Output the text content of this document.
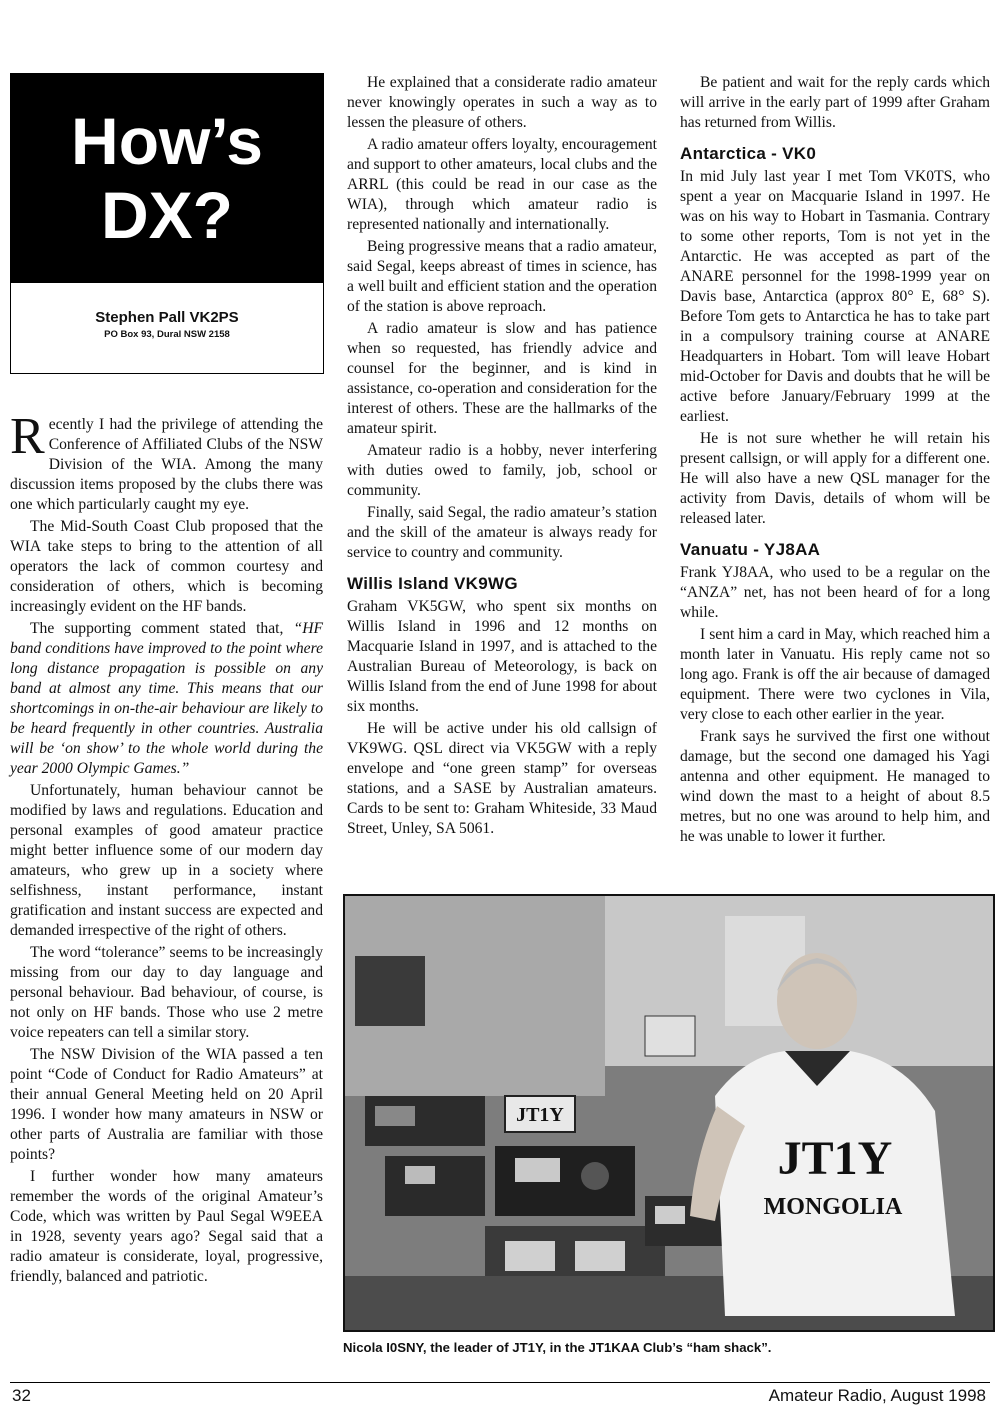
How’s
DX?
Stephen Pall VK2PS
PO Box 93, Dural NSW 2158

Recently I had the privilege of attending the Conference of Affiliated Clubs of the NSW Division of the WIA. Among the many discussion items proposed by the clubs there was one which particularly caught my eye.

The Mid-South Coast Club proposed that the WIA take steps to bring to the attention of all operators the lack of common courtesy and consideration of others, which is becoming increasingly evident on the HF bands.

The supporting comment stated that, “HF band conditions have improved to the point where long distance propagation is possible on any band at almost any time. This means that our shortcomings in on-the-air behaviour are likely to be heard frequently in other countries. Australia will be ‘on show’ to the whole world during the year 2000 Olympic Games.”

Unfortunately, human behaviour cannot be modified by laws and regulations. Education and personal examples of good amateur practice might better influence some of our modern day amateurs, who grew up in a society where selfishness, instant performance, instant gratification and instant success are expected and demanded irrespective of the right of others.

The word “tolerance” seems to be increasingly missing from our day to day language and personal behaviour. Bad behaviour, of course, is not only on HF bands. Those who use 2 metre voice repeaters can tell a similar story.

The NSW Division of the WIA passed a ten point “Code of Conduct for Radio Amateurs” at their annual General Meeting held on 20 April 1996. I wonder how many amateurs in NSW or other parts of Australia are familiar with those points?

I further wonder how many amateurs remember the words of the original Amateur’s Code, which was written by Paul Segal W9EEA in 1928, seventy years ago? Segal said that a radio amateur is considerate, loyal, progressive, friendly, balanced and patriotic.

He explained that a considerate radio amateur never knowingly operates in such a way as to lessen the pleasure of others.

A radio amateur offers loyalty, encouragement and support to other amateurs, local clubs and the ARRL (this could be read in our case as the WIA), through which amateur radio is represented nationally and internationally.

Being progressive means that a radio amateur, said Segal, keeps abreast of times in science, has a well built and efficient station and the operation of the station is above reproach.

A radio amateur is slow and has patience when so requested, has friendly advice and counsel for the beginner, and is kind in assistance, co-operation and consideration for the interest of others. These are the hallmarks of the amateur spirit.

Amateur radio is a hobby, never interfering with duties owed to family, job, school or community.

Finally, said Segal, the radio amateur’s station and the skill of the amateur is always ready for service to country and community.

Willis Island VK9WG

Graham VK5GW, who spent six months on Willis Island in 1996 and 12 months on Macquarie Island in 1997, and is attached to the Australian Bureau of Meteorology, is back on Willis Island from the end of June 1998 for about six months.

He will be active under his old callsign of VK9WG. QSL direct via VK5GW with a reply envelope and “one green stamp” for overseas stations, and a SASE by Australian amateurs. Cards to be sent to: Graham Whiteside, 33 Maud Street, Unley, SA 5061.

Be patient and wait for the reply cards which will arrive in the early part of 1999 after Graham has returned from Willis.

Antarctica - VK0

In mid July last year I met Tom VK0TS, who spent a year on Macquarie Island in 1997. He was on his way to Hobart in Tasmania. Contrary to some other reports, Tom is not yet in the Antarctic. He was accepted as part of the ANARE personnel for the 1998-1999 year on Davis base, Antarctica (approx 80° E, 68° S). Before Tom gets to Antarctica he has to take part in a compulsory training course at ANARE Headquarters in Hobart. Tom will leave Hobart mid-October for Davis and doubts that he will be active before January/February 1999 at the earliest.

He is not sure whether he will retain his present callsign, or will apply for a different one. He will also have a new QSL manager for the activity from Davis, details of whom will be released later.

Vanuatu - YJ8AA

Frank YJ8AA, who used to be a regular on the “ANZA” net, has not been heard of for a long while.

I sent him a card in May, which reached him a month later in Vanuatu. His reply came not so long ago. Frank is off the air because of damaged equipment. There were two cyclones in Vila, very close to each other earlier in the year.

Frank says he survived the first one without damage, but the second one damaged his Yagi antenna and other equipment. He managed to wind down the mast to a height of about 8.5 metres, but no one was around to help him, and he was unable to lower it further.

JT1Y
JT1Y
MONGOLIA
Nicola I0SNY, the leader of JT1Y, in the JT1KAA Club’s “ham shack”.
32	Amateur Radio, August 1998
